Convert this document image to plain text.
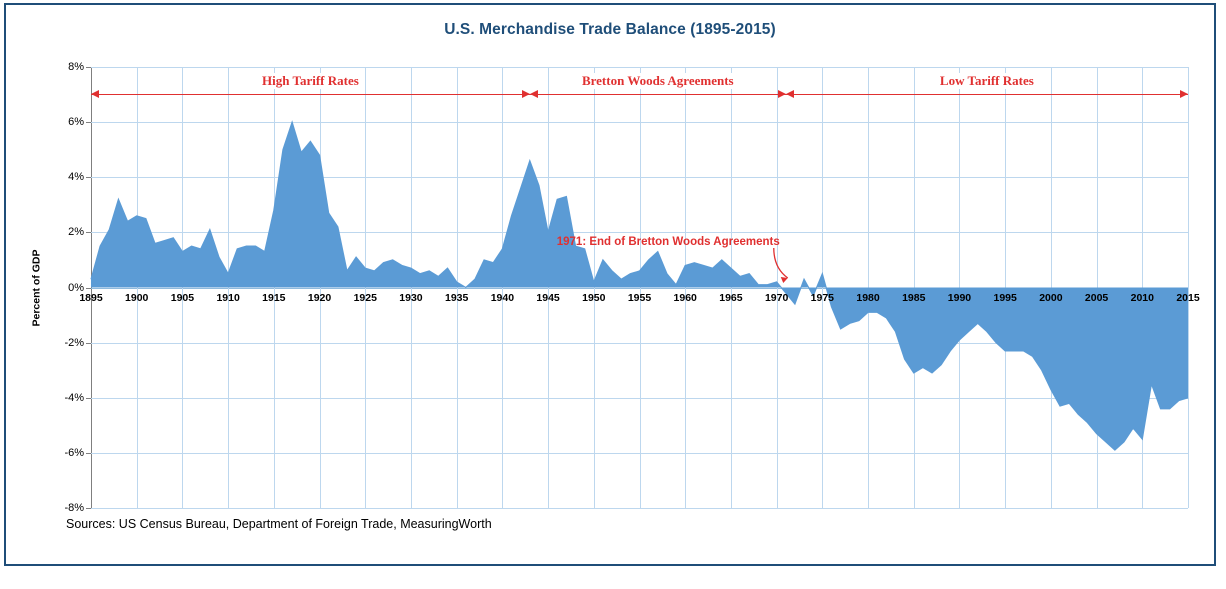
U.S. Merchandise Trade Balance (1895-2015)
Percent of GDP
8%
6%
4%
2%
0%
-2%
-4%
-6%
-8%
1895 1900 1905 1910 1915 1920 1925 1930 1935 1940 1945 1950 1955 1960 1965 1970 1975 1980 1985 1990 1995 2000 2005 2010 2015
High Tariff Rates	Bretton Woods Agreements	Low Tariff Rates
1971: End of Bretton Woods Agreements
Sources: US Census Bureau, Department of Foreign Trade, MeasuringWorth
